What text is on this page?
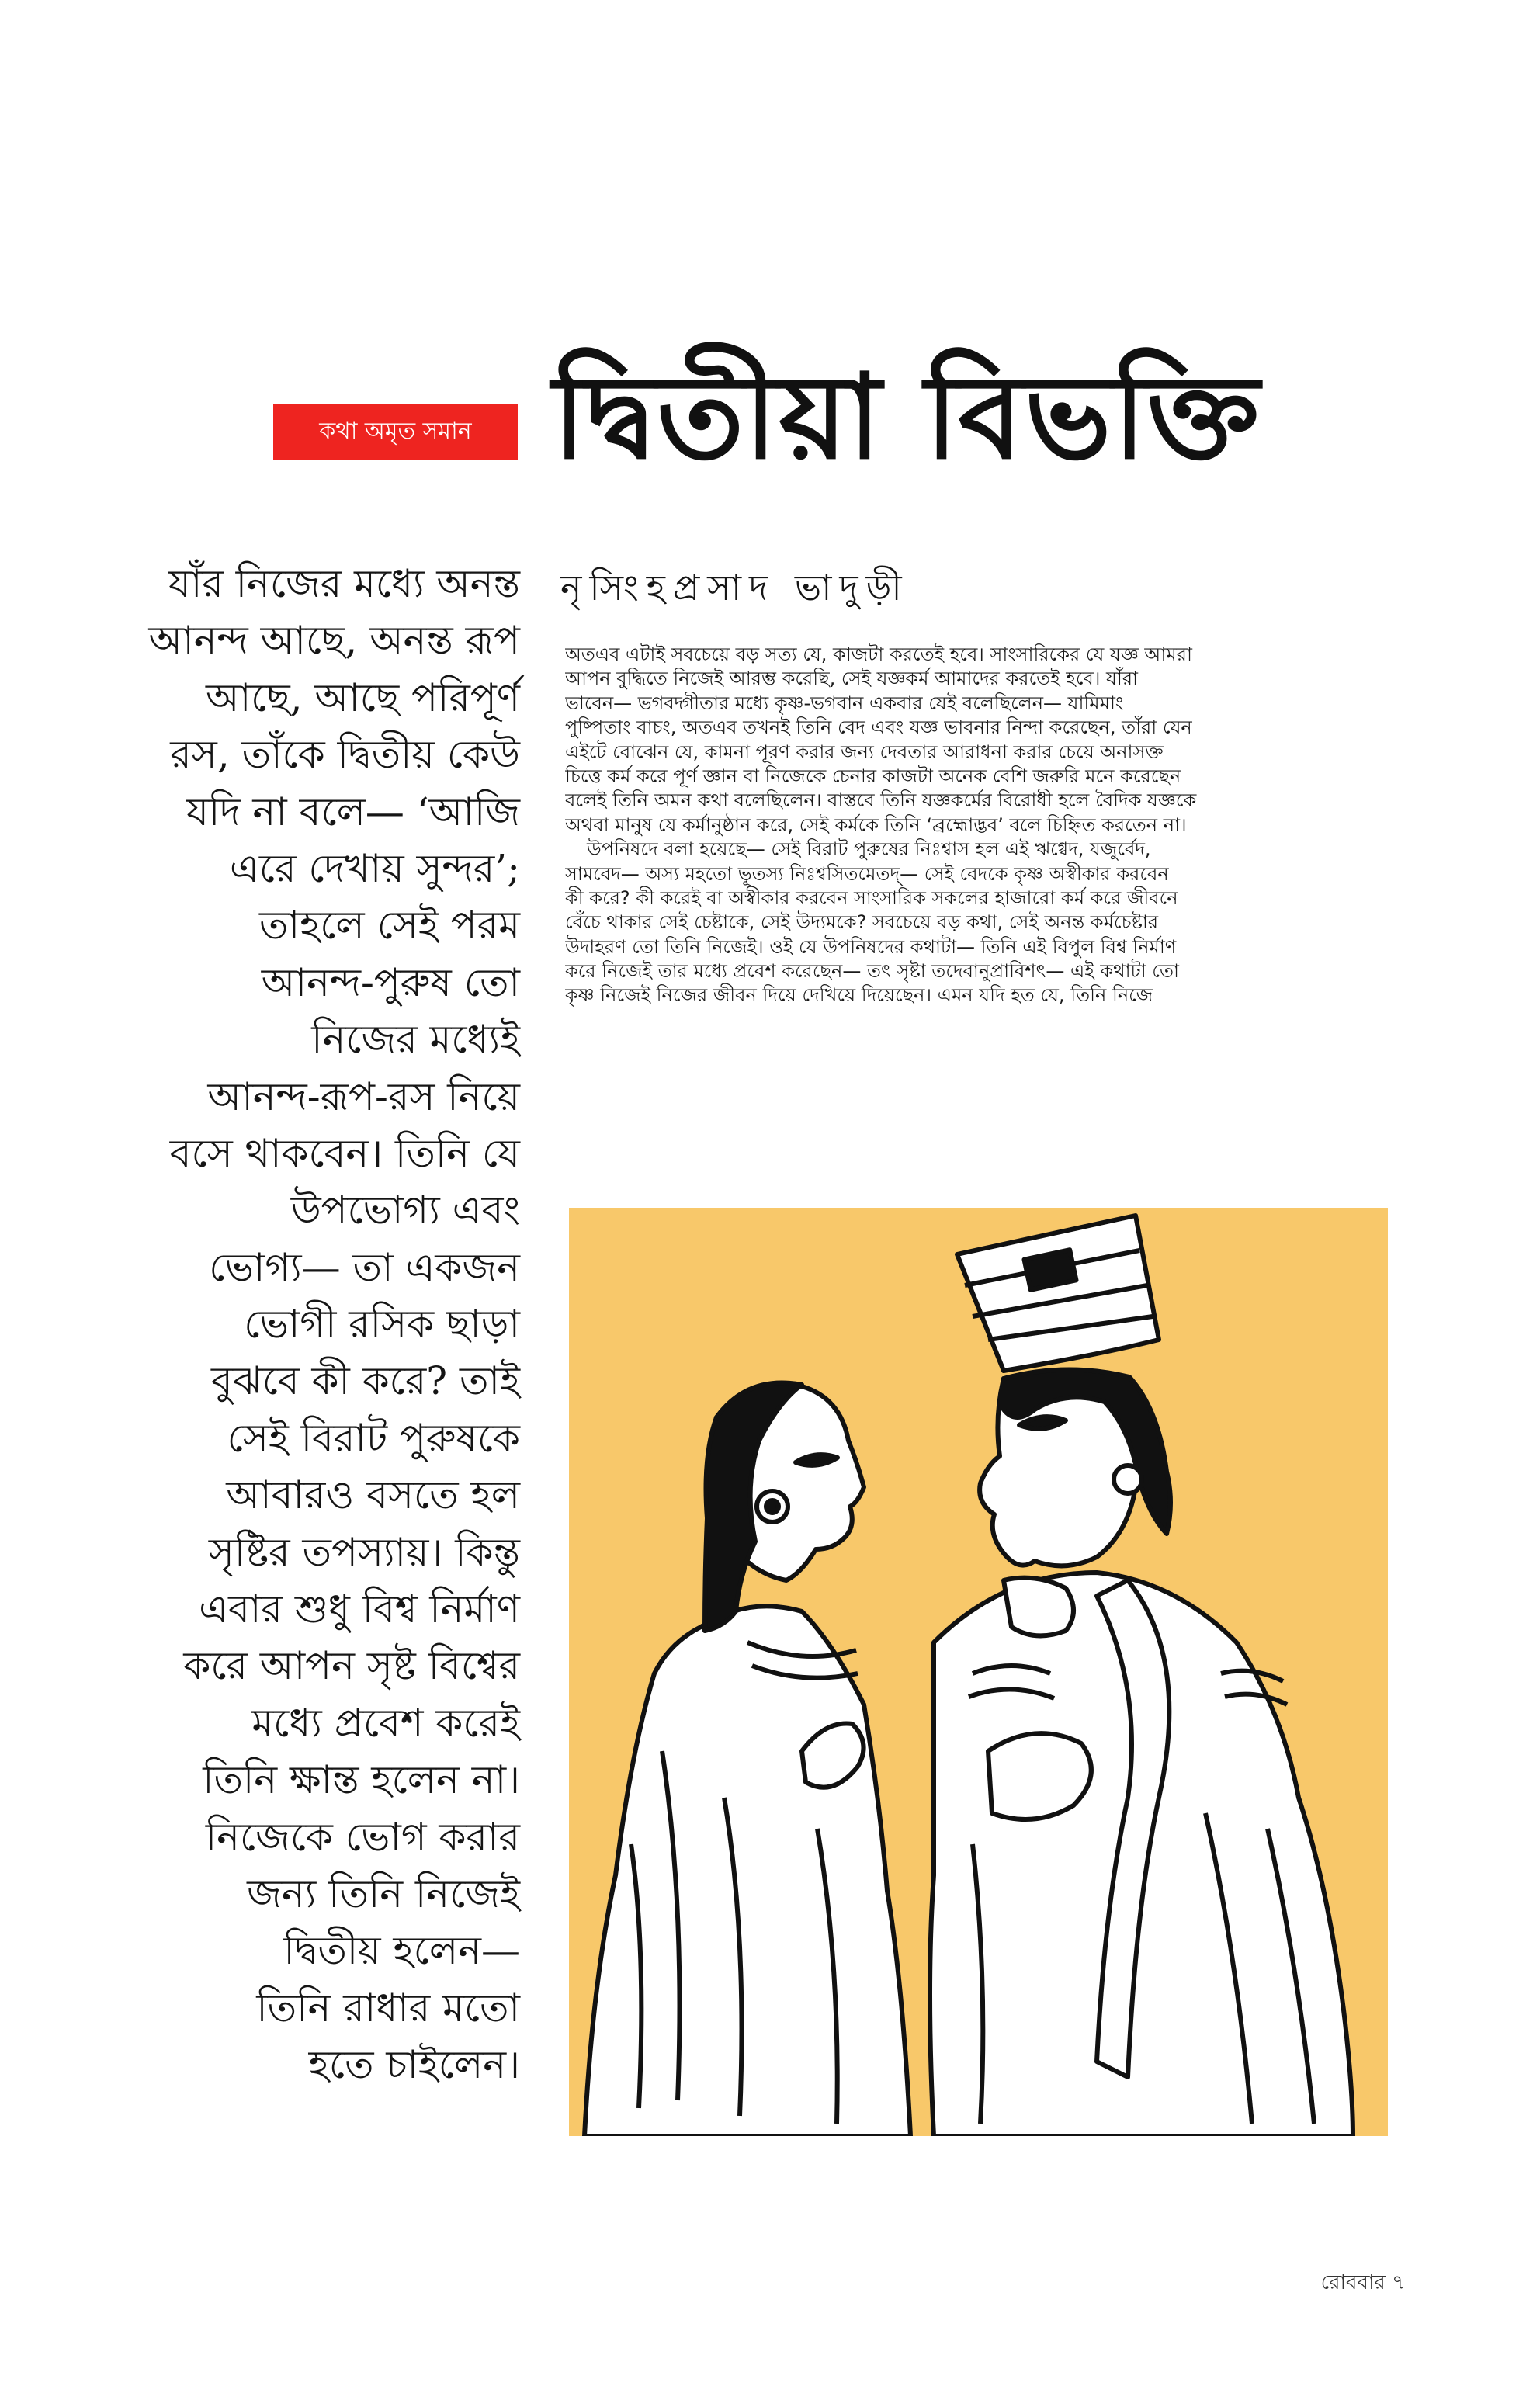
কথা অমৃত সমান দ্বিতীয়া বিভক্তি
যাঁর নিজের মধ্যে অনন্ত
আনন্দ আছে, অনন্ত রূপ
আছে, আছে পরিপূর্ণ
রস, তাঁকে দ্বিতীয় কেউ
যদি না বলে— ‘আজি
এরে দেখায় সুন্দর’;
তাহলে সেই পরম
আনন্দ-পুরুষ তো
নিজের মধ্যেই
আনন্দ-রূপ-রস নিয়ে
বসে থাকবেন। তিনি যে
উপভোগ্য এবং
ভোগ্য— তা একজন
ভোগী রসিক ছাড়া
বুঝবে কী করে? তাই
সেই বিরাট পুরুষকে
আবারও বসতে হল
সৃষ্টির তপস্যায়। কিন্তু
এবার শুধু বিশ্ব নির্মাণ
করে আপন সৃষ্ট বিশ্বের
মধ্যে প্রবেশ করেই
তিনি ক্ষান্ত হলেন না।
নিজেকে ভোগ করার
জন্য তিনি নিজেই
দ্বিতীয় হলেন—
তিনি রাধার মতো
হতে চাইলেন।
নৃসিংহপ্রসাদ ভাদুড়ী
অতএব এটাই সবচেয়ে বড় সত্য যে, কাজটা করতেই হবে। সাংসারিকের যে যজ্ঞ আমরা
আপন বুদ্ধিতে নিজেই আরম্ভ করেছি, সেই যজ্ঞকর্ম আমাদের করতেই হবে। যাঁরা
ভাবেন— ভগবদ্গীতার মধ্যে কৃষ্ণ-ভগবান একবার যেই বলেছিলেন— যামিমাং
পুষ্পিতাং বাচং, অতএব তখনই তিনি বেদ এবং যজ্ঞ ভাবনার নিন্দা করেছেন, তাঁরা যেন
এইটে বোঝেন যে, কামনা পূরণ করার জন্য দেবতার আরাধনা করার চেয়ে অনাসক্ত
চিত্তে কর্ম করে পূর্ণ জ্ঞান বা নিজেকে চেনার কাজটা অনেক বেশি জরুরি মনে করেছেন
বলেই তিনি অমন কথা বলেছিলেন। বাস্তবে তিনি যজ্ঞকর্মের বিরোধী হলে বৈদিক যজ্ঞকে
অথবা মানুষ যে কর্মানুষ্ঠান করে, সেই কর্মকে তিনি ‘ব্রহ্মোদ্ভব’ বলে চিহ্নিত করতেন না।
উপনিষদে বলা হয়েছে— সেই বিরাট পুরুষের নিঃশ্বাস হল এই ঋগ্বেদ, যজুর্বেদ,
সামবেদ— অস্য মহতো ভূতস্য নিঃশ্বসিতমেতদ্— সেই বেদকে কৃষ্ণ অস্বীকার করবেন
কী করে? কী করেই বা অস্বীকার করবেন সাংসারিক সকলের হাজারো কর্ম করে জীবনে
বেঁচে থাকার সেই চেষ্টাকে, সেই উদ্যমকে? সবচেয়ে বড় কথা, সেই অনন্ত কর্মচেষ্টার
উদাহরণ তো তিনি নিজেই। ওই যে উপনিষদের কথাটা— তিনি এই বিপুল বিশ্ব নির্মাণ
করে নিজেই তার মধ্যে প্রবেশ করেছেন— তৎ সৃষ্টা তদেবানুপ্রাবিশৎ— এই কথাটা তো
কৃষ্ণ নিজেই নিজের জীবন দিয়ে দেখিয়ে দিয়েছেন। এমন যদি হত যে, তিনি নিজে
রোববার ৭
